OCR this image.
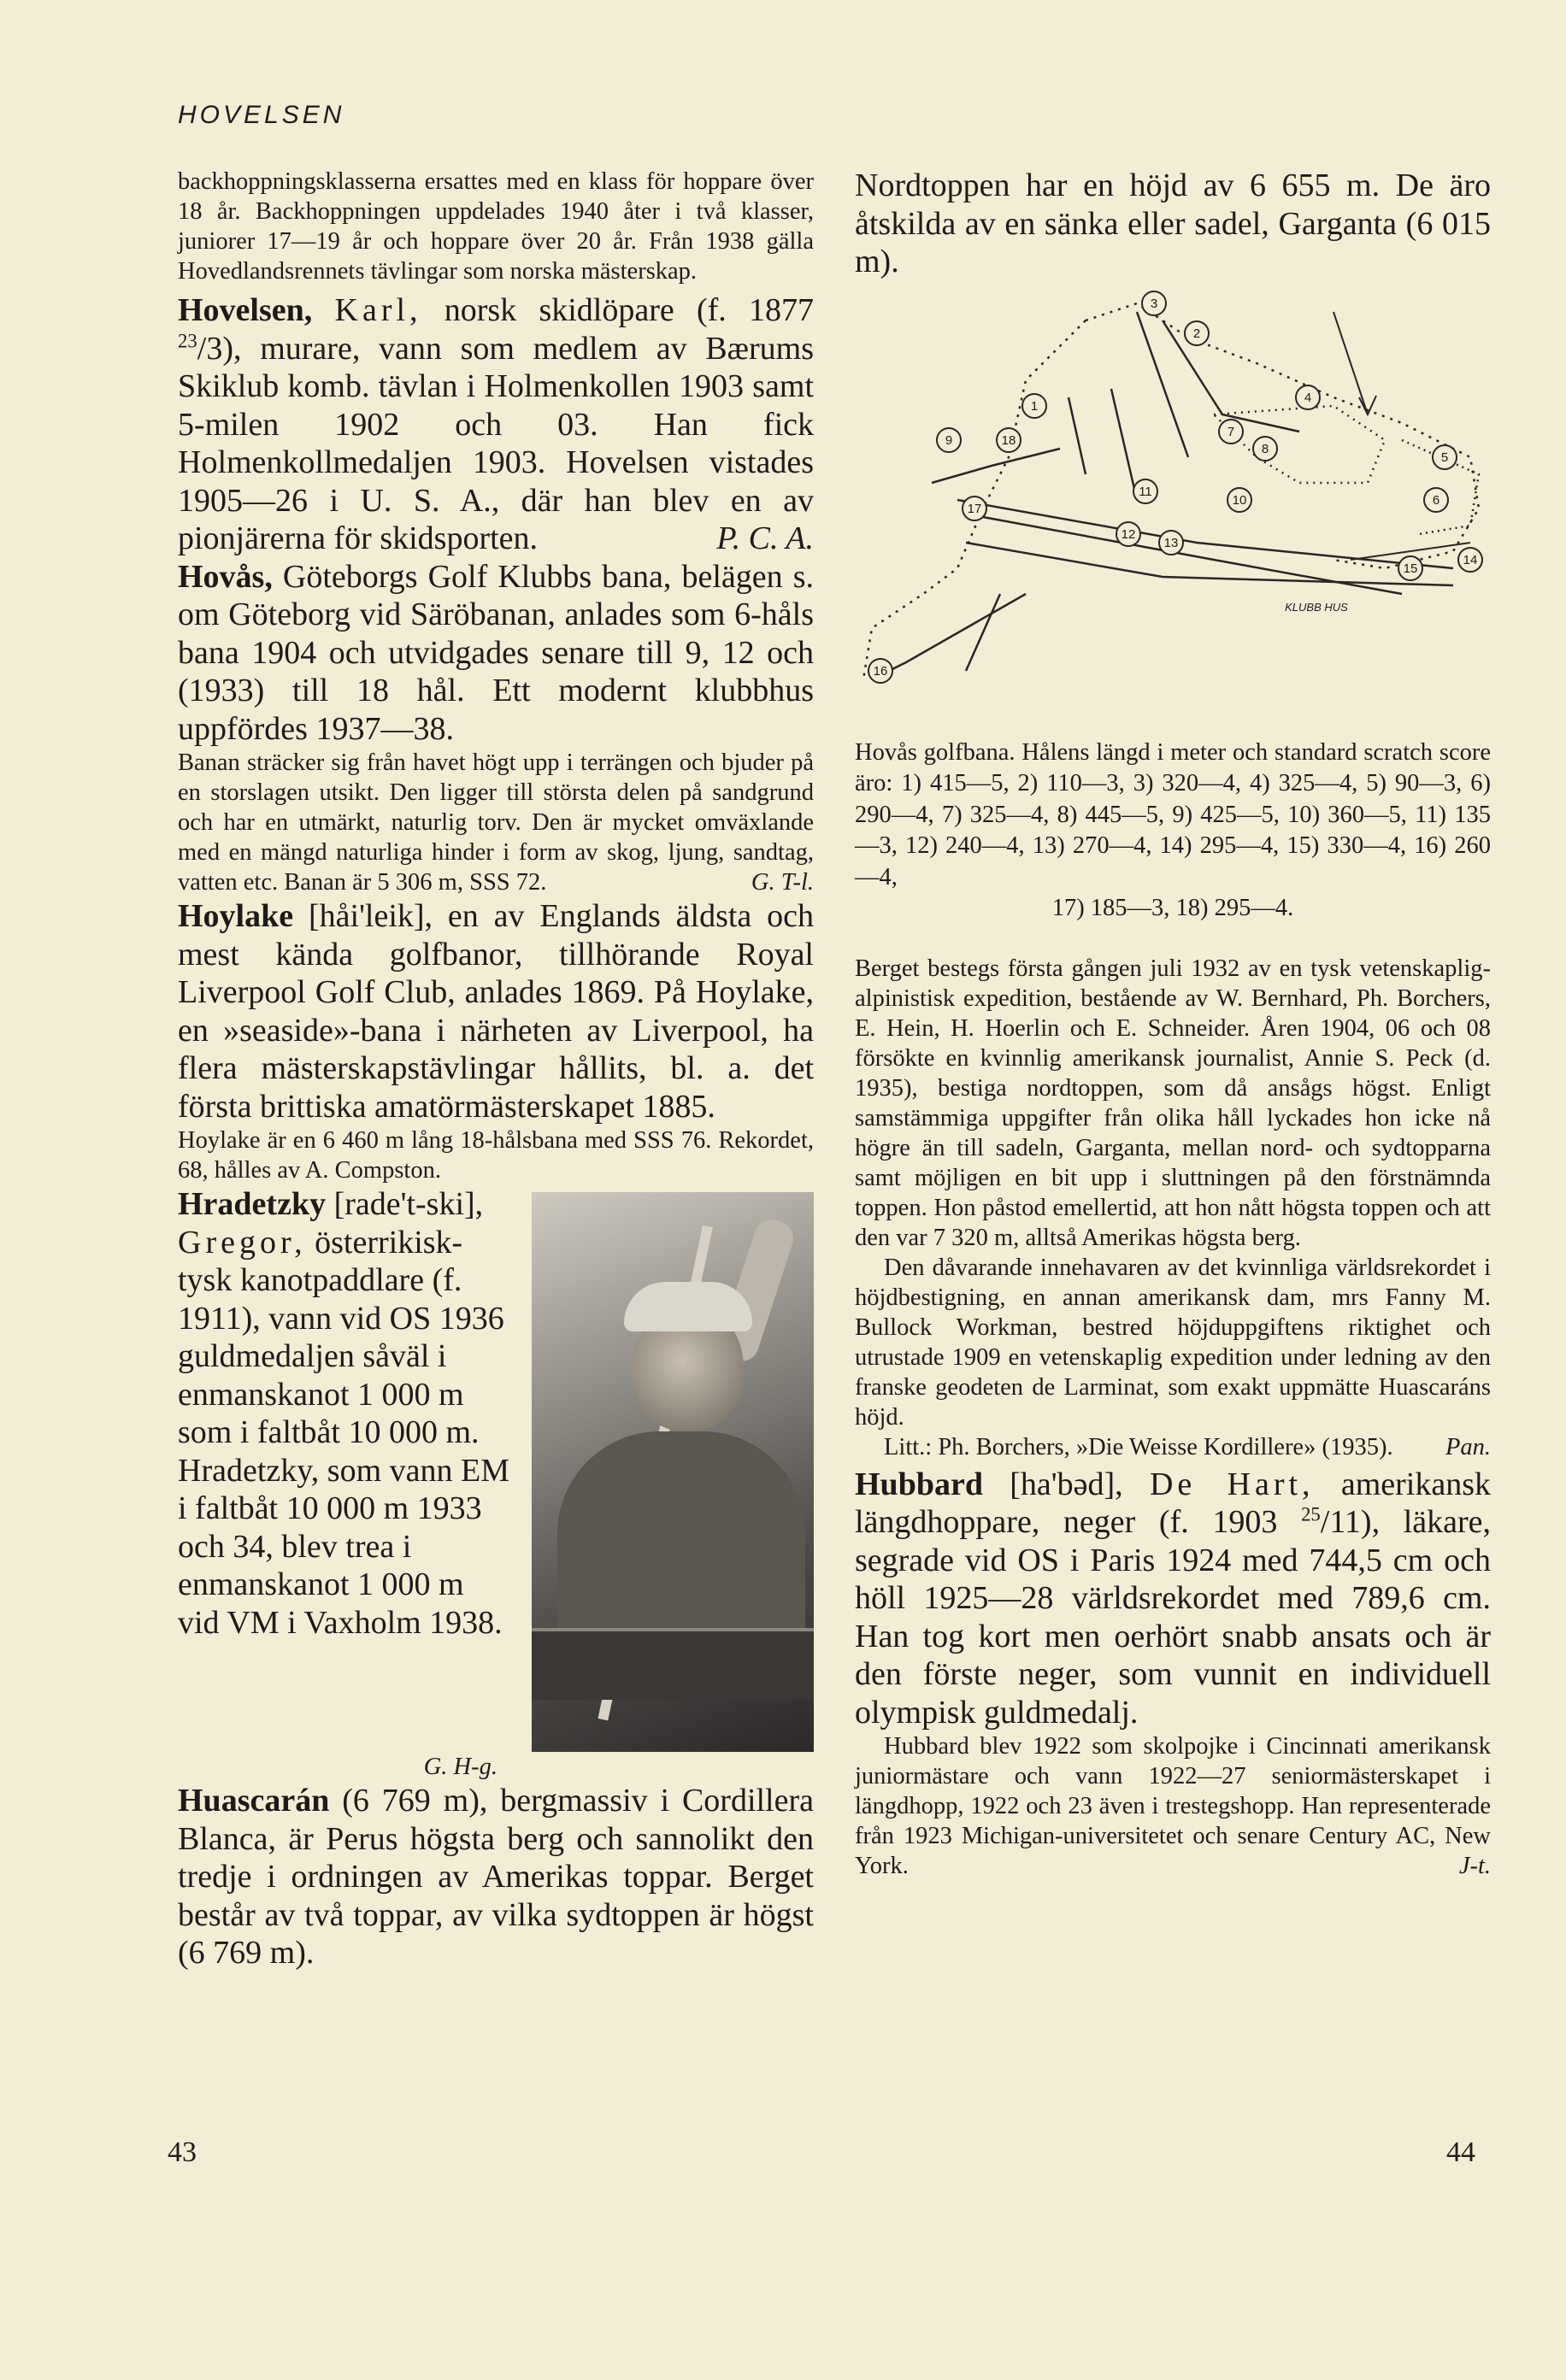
HOVELSEN

backhoppningsklasserna ersattes med en klass för hoppare över 18 år. Backhoppningen uppdelades 1940 åter i två klasser, juniorer 17—19 år och hoppare över 20 år. Från 1938 gälla Hovedlandsrennets tävlingar som norska mästerskap.

Hovelsen, Karl, norsk skidlöpare (f. 1877 $^{23}$/3), murare, vann som medlem av Bærums Skiklub komb. tävlan i Holmenkollen 1903 samt 5-milen 1902 och 03. Han fick Holmenkollmedaljen 1903. Hovelsen vistades 1905—26 i U. S. A., där han blev en av pionjärerna för skidsporten.	P. C. A.

Hovås, Göteborgs Golf Klubbs bana, belägen s. om Göteborg vid Säröbanan, anlades som 6-håls bana 1904 och utvidgades senare till 9, 12 och (1933) till 18 hål. Ett modernt klubbhus uppfördes 1937—38.

Banan sträcker sig från havet högt upp i terrängen och bjuder på en storslagen utsikt. Den ligger till största delen på sandgrund och har en utmärkt, naturlig torv. Den är mycket omväxlande med en mängd naturliga hinder i form av skog, ljung, sandtag, vatten etc. Banan är 5 306 m, SSS 72.	G. T-l.

Hoylake [håi'leik], en av Englands äldsta och mest kända golfbanor, tillhörande Royal Liverpool Golf Club, anlades 1869. På Hoylake, en »seaside»-bana i närheten av Liverpool, ha flera mästerskapstävlingar hållits, bl. a. det första brittiska amatörmästerskapet 1885.

Hoylake är en 6 460 m lång 18-hålsbana med SSS 76. Rekordet, 68, hålles av A. Compston.

Hradetzky [rade't-ski], Gregor, österrikisk-tysk kanotpaddlare (f. 1911), vann vid OS 1936 guldmedaljen såväl i enmanskanot 1 000 m som i faltbåt 10 000 m. Hradetzky, som vann EM i faltbåt 10 000 m 1933 och 34, blev trea i enmanskanot 1 000 m vid VM i Vaxholm 1938.

G. H-g.

Huascarán (6 769 m), bergmassiv i Cordillera Blanca, är Perus högsta berg och sannolikt den tredje i ordningen av Amerikas toppar. Berget består av två toppar, av vilka sydtoppen är högst (6 769 m).

Nordtoppen har en höjd av 6 655 m. De äro åtskilda av en sänka eller sadel, Garganta (6 015 m).

1
2
3
4
5
6
7
8
9
10
11
12
13
14
15
16
17
18
KLUBB HUS

Hovås golfbana. Hålens längd i meter och standard scratch score äro: 1) 415—5, 2) 110—3, 3) 320—4, 4) 325—4, 5) 90—3, 6) 290—4, 7) 325—4, 8) 445—5, 9) 425—5, 10) 360—5, 11) 135—3, 12) 240—4, 13) 270—4, 14) 295—4, 15) 330—4, 16) 260—4,

17) 185—3, 18) 295—4.

Berget bestegs första gången juli 1932 av en tysk vetenskaplig-alpinistisk expedition, bestående av W. Bernhard, Ph. Borchers, E. Hein, H. Hoerlin och E. Schneider. Åren 1904, 06 och 08 försökte en kvinnlig amerikansk journalist, Annie S. Peck (d. 1935), bestiga nordtoppen, som då ansågs högst. Enligt samstämmiga uppgifter från olika håll lyckades hon icke nå högre än till sadeln, Garganta, mellan nord- och sydtopparna samt möjligen en bit upp i sluttningen på den förstnämnda toppen. Hon påstod emellertid, att hon nått högsta toppen och att den var 7 320 m, alltså Amerikas högsta berg.

Den dåvarande innehavaren av det kvinnliga världsrekordet i höjdbestigning, en annan amerikansk dam, mrs Fanny M. Bullock Workman, bestred höjduppgiftens riktighet och utrustade 1909 en vetenskaplig expedition under ledning av den franske geodeten de Larminat, som exakt uppmätte Huascaráns höjd.

Litt.: Ph. Borchers, »Die Weisse Kordillere» (1935).	Pan.

Hubbard [ha'bəd], De Hart, amerikansk längdhoppare, neger (f. 1903 $^{25}$/11), läkare, segrade vid OS i Paris 1924 med 744,5 cm och höll 1925—28 världsrekordet med 789,6 cm. Han tog kort men oerhört snabb ansats och är den förste neger, som vunnit en individuell olympisk guldmedalj.

Hubbard blev 1922 som skolpojke i Cincinnati amerikansk juniormästare och vann 1922—27 seniormästerskapet i längdhopp, 1922 och 23 även i trestegshopp. Han representerade från 1923 Michigan-universitetet och senare Century AC, New York.	J-t.

43	44
